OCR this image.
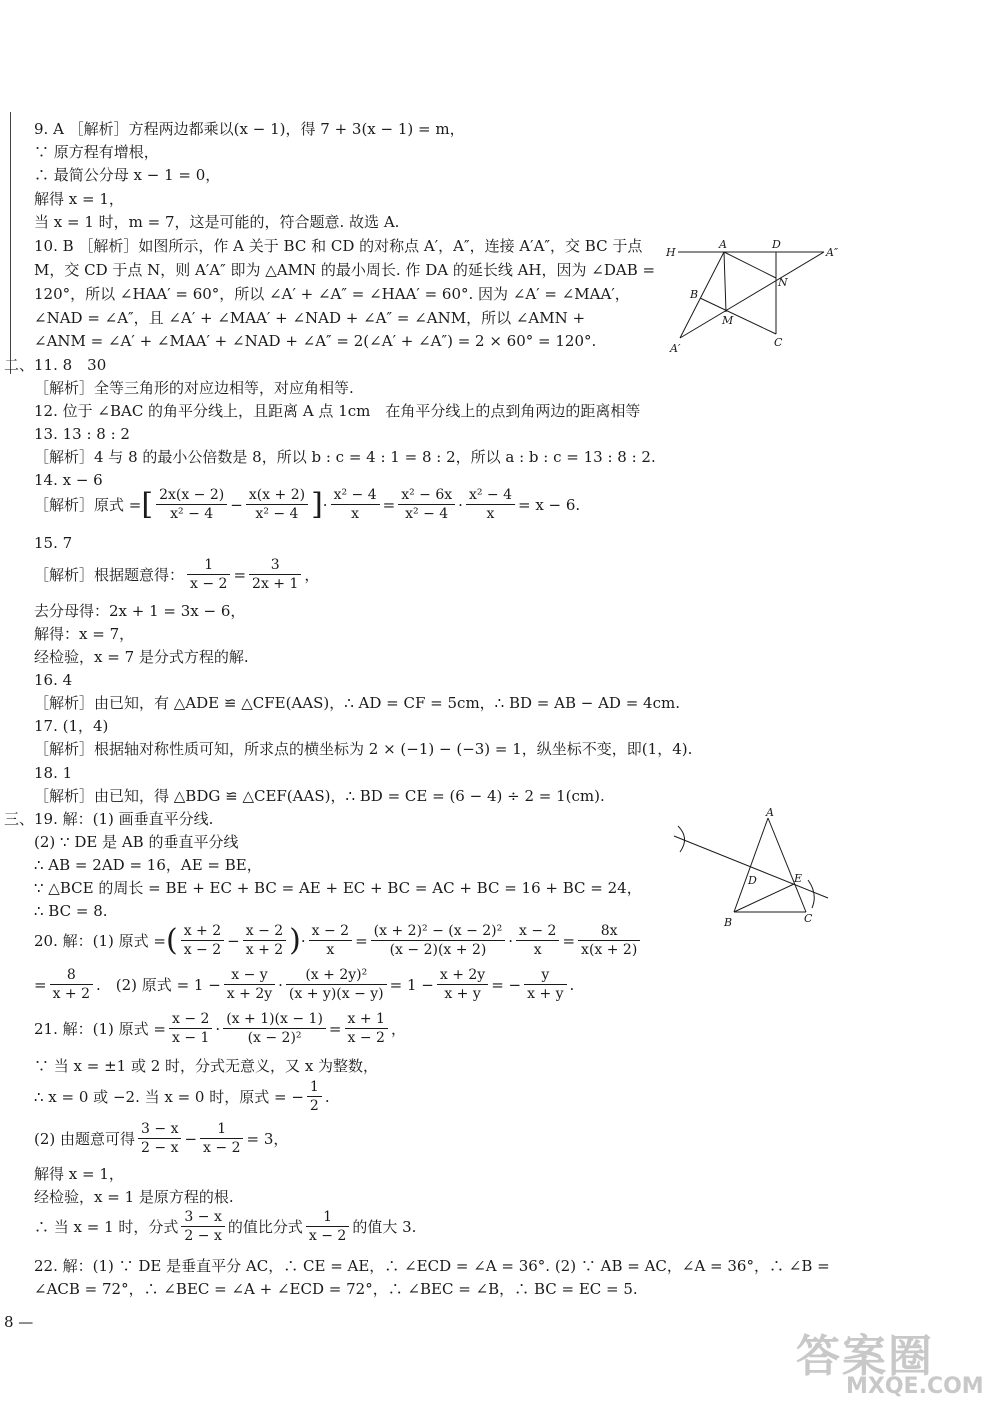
9. A ［解析］方程两边都乘以(x − 1)，得 7 + 3(x − 1) = m，
∵ 原方程有增根，
∴ 最简公分母 x − 1 = 0，
解得 x = 1，
当 x = 1 时，m = 7，这是可能的，符合题意. 故选 A.
10. B ［解析］如图所示，作 A 关于 BC 和 CD 的对称点 A′，A″，连接 A′A″，交 BC 于点
M，交 CD 于点 N，则 A′A″ 即为 △AMN 的最小周长. 作 DA 的延长线 AH，因为 ∠DAB =
120°，所以 ∠HAA′ = 60°，所以 ∠A′ + ∠A″ = ∠HAA′ = 60°. 因为 ∠A′ = ∠MAA′，
∠NAD = ∠A″，且 ∠A′ + ∠MAA′ + ∠NAD + ∠A″ = ∠ANM，所以 ∠AMN +
∠ANM = ∠A′ + ∠MAA′ + ∠NAD + ∠A″ = 2(∠A′ + ∠A″) = 2 × 60° = 120°.
H
A	D
A″
B
N
M
A′	C
二、 11. 8　30
［解析］全等三角形的对应边相等，对应角相等.
12. 位于 ∠BAC 的角平分线上，且距离 A 点 1cm　在角平分线上的点到角两边的距离相等
13. 13 : 8 : 2
［解析］4 与 8 的最小公倍数是 8，所以 b : c = 4 : 1 = 8 : 2，所以 a : b : c = 13 : 8 : 2.
14. x − 6
［解析］原式 = [ $\frac{2x(x - 2)}{\text{x² − 4}} - \frac{x(x + 2)}{\text{x² − 4}}$ ] · $\frac{\text{x² − 4}}{x} = \frac{\text{x² − 6x}}{\text{x² − 4}} \cdot \frac{\text{x² − 4}}{x} = x - 6$.
15. 7
［解析］根据题意得： $\frac{1}{x - 2} = \frac{3}{2x + 1}$ ，
去分母得：2x + 1 = 3x − 6，
解得：x = 7，
经检验，x = 7 是分式方程的解.
16. 4
［解析］由已知，有 △ADE ≌ △CFE(AAS)，∴ AD = CF = 5cm，∴ BD = AB − AD = 4cm.
17. (1，4)
［解析］根据轴对称性质可知，所求点的横坐标为 2 × (−1) − (−3) = 1，纵坐标不变，即(1，4).
18. 1
［解析］由已知，得 △BDG ≌ △CEF(AAS)，∴ BD = CE = (6 − 4) ÷ 2 = 1(cm).
三、 19. 解：(1) 画垂直平分线.
(2) ∵ DE 是 AB 的垂直平分线
∴ AB = 2AD = 16，AE = BE，
∵ △BCE 的周长 = BE + EC + BC = AE + EC + BC = AC + BC = 16 + BC = 24，
∴ BC = 8.
A
D	E
B	C
20. 解：(1) 原式 = ( $\frac{x + 2}{x - 2} - \frac{x - 2}{x + 2}$ ) · $\frac{x - 2}{x} = \frac{\text{(x + 2)² − (x − 2)²}}{(x - 2)(x + 2)} \cdot \frac{x - 2}{x} = \frac{8x}{x(x + 2)}$
= $\frac{8}{x + 2}$ .　(2) 原式 = $1 - \frac{x - y}{x + 2y} \cdot \frac{\text{(x + 2y)²}}{(x + y)(x - y)} = 1 - \frac{x + 2y}{x + y}$ = − $\frac{y}{x + y}$ .
21. 解：(1) 原式 = $\frac{x - 2}{x - 1} \cdot \frac{(x + 1)(x - 1)}{\text{(x − 2)²}} = \frac{x + 1}{x - 2}$ ，
∵ 当 x = ±1 或 2 时，分式无意义，又 x 为整数，
∴ x = 0 或 −2. 当 x = 0 时，原式 = − $\frac{1}{2}$ .
(2) 由题意可得 $\frac{3 - x}{2 - x} - \frac{1}{x - 2} = 3$，
解得 x = 1，
经检验，x = 1 是原方程的根.
∴ 当 x = 1 时，分式 $\frac{3 - x}{2 - x}$ 的值比分式 $\frac{1}{x - 2}$ 的值大 3.
22. 解：(1) ∵ DE 是垂直平分 AC，∴ CE = AE，∴ ∠ECD = ∠A = 36°. (2) ∵ AB = AC，∠A = 36°，∴ ∠B =
∠ACB = 72°，∴ ∠BEC = ∠A + ∠ECD = 72°，∴ ∠BEC = ∠B，∴ BC = EC = 5.
8 —
答案圈
MXQE.COM
